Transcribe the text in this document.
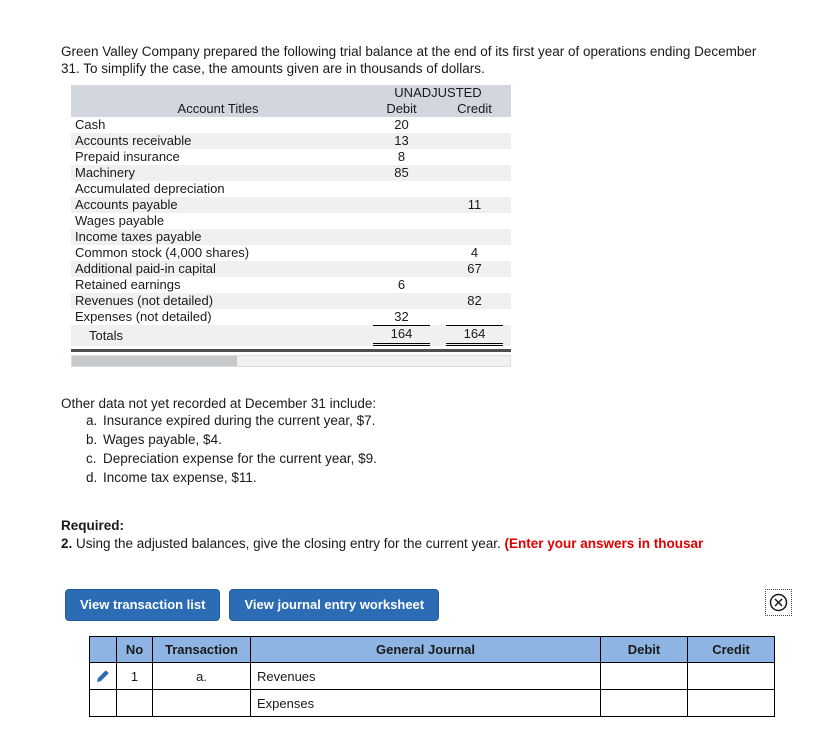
Green Valley Company prepared the following trial balance at the end of its first year of operations ending December 31. To simplify the case, the amounts given are in thousands of dollars.

	UNADJUSTED	
Account Titles	Debit	Credit
Cash	20	
Accounts receivable	13	
Prepaid insurance	8	
Machinery	85	
Accumulated depreciation		
Accounts payable		11
Wages payable		
Income taxes payable		
Common stock (4,000 shares)		4
Additional paid-in capital		67
Retained earnings	6	
Revenues (not detailed)		82
Expenses (not detailed)	32	
Totals	164	164

Other data not yet recorded at December 31 include:

a. Insurance expired during the current year, $7.
b. Wages payable, $4.
c. Depreciation expense for the current year, $9.
d. Income tax expense, $11.
Required:
2. Using the adjusted balances, give the closing entry for the current year. (Enter your answers in thousar
View transaction list	View journal entry worksheet
	No	Transaction	General Journal	Debit	Credit

	1	a.	Revenues		
			Expenses		
